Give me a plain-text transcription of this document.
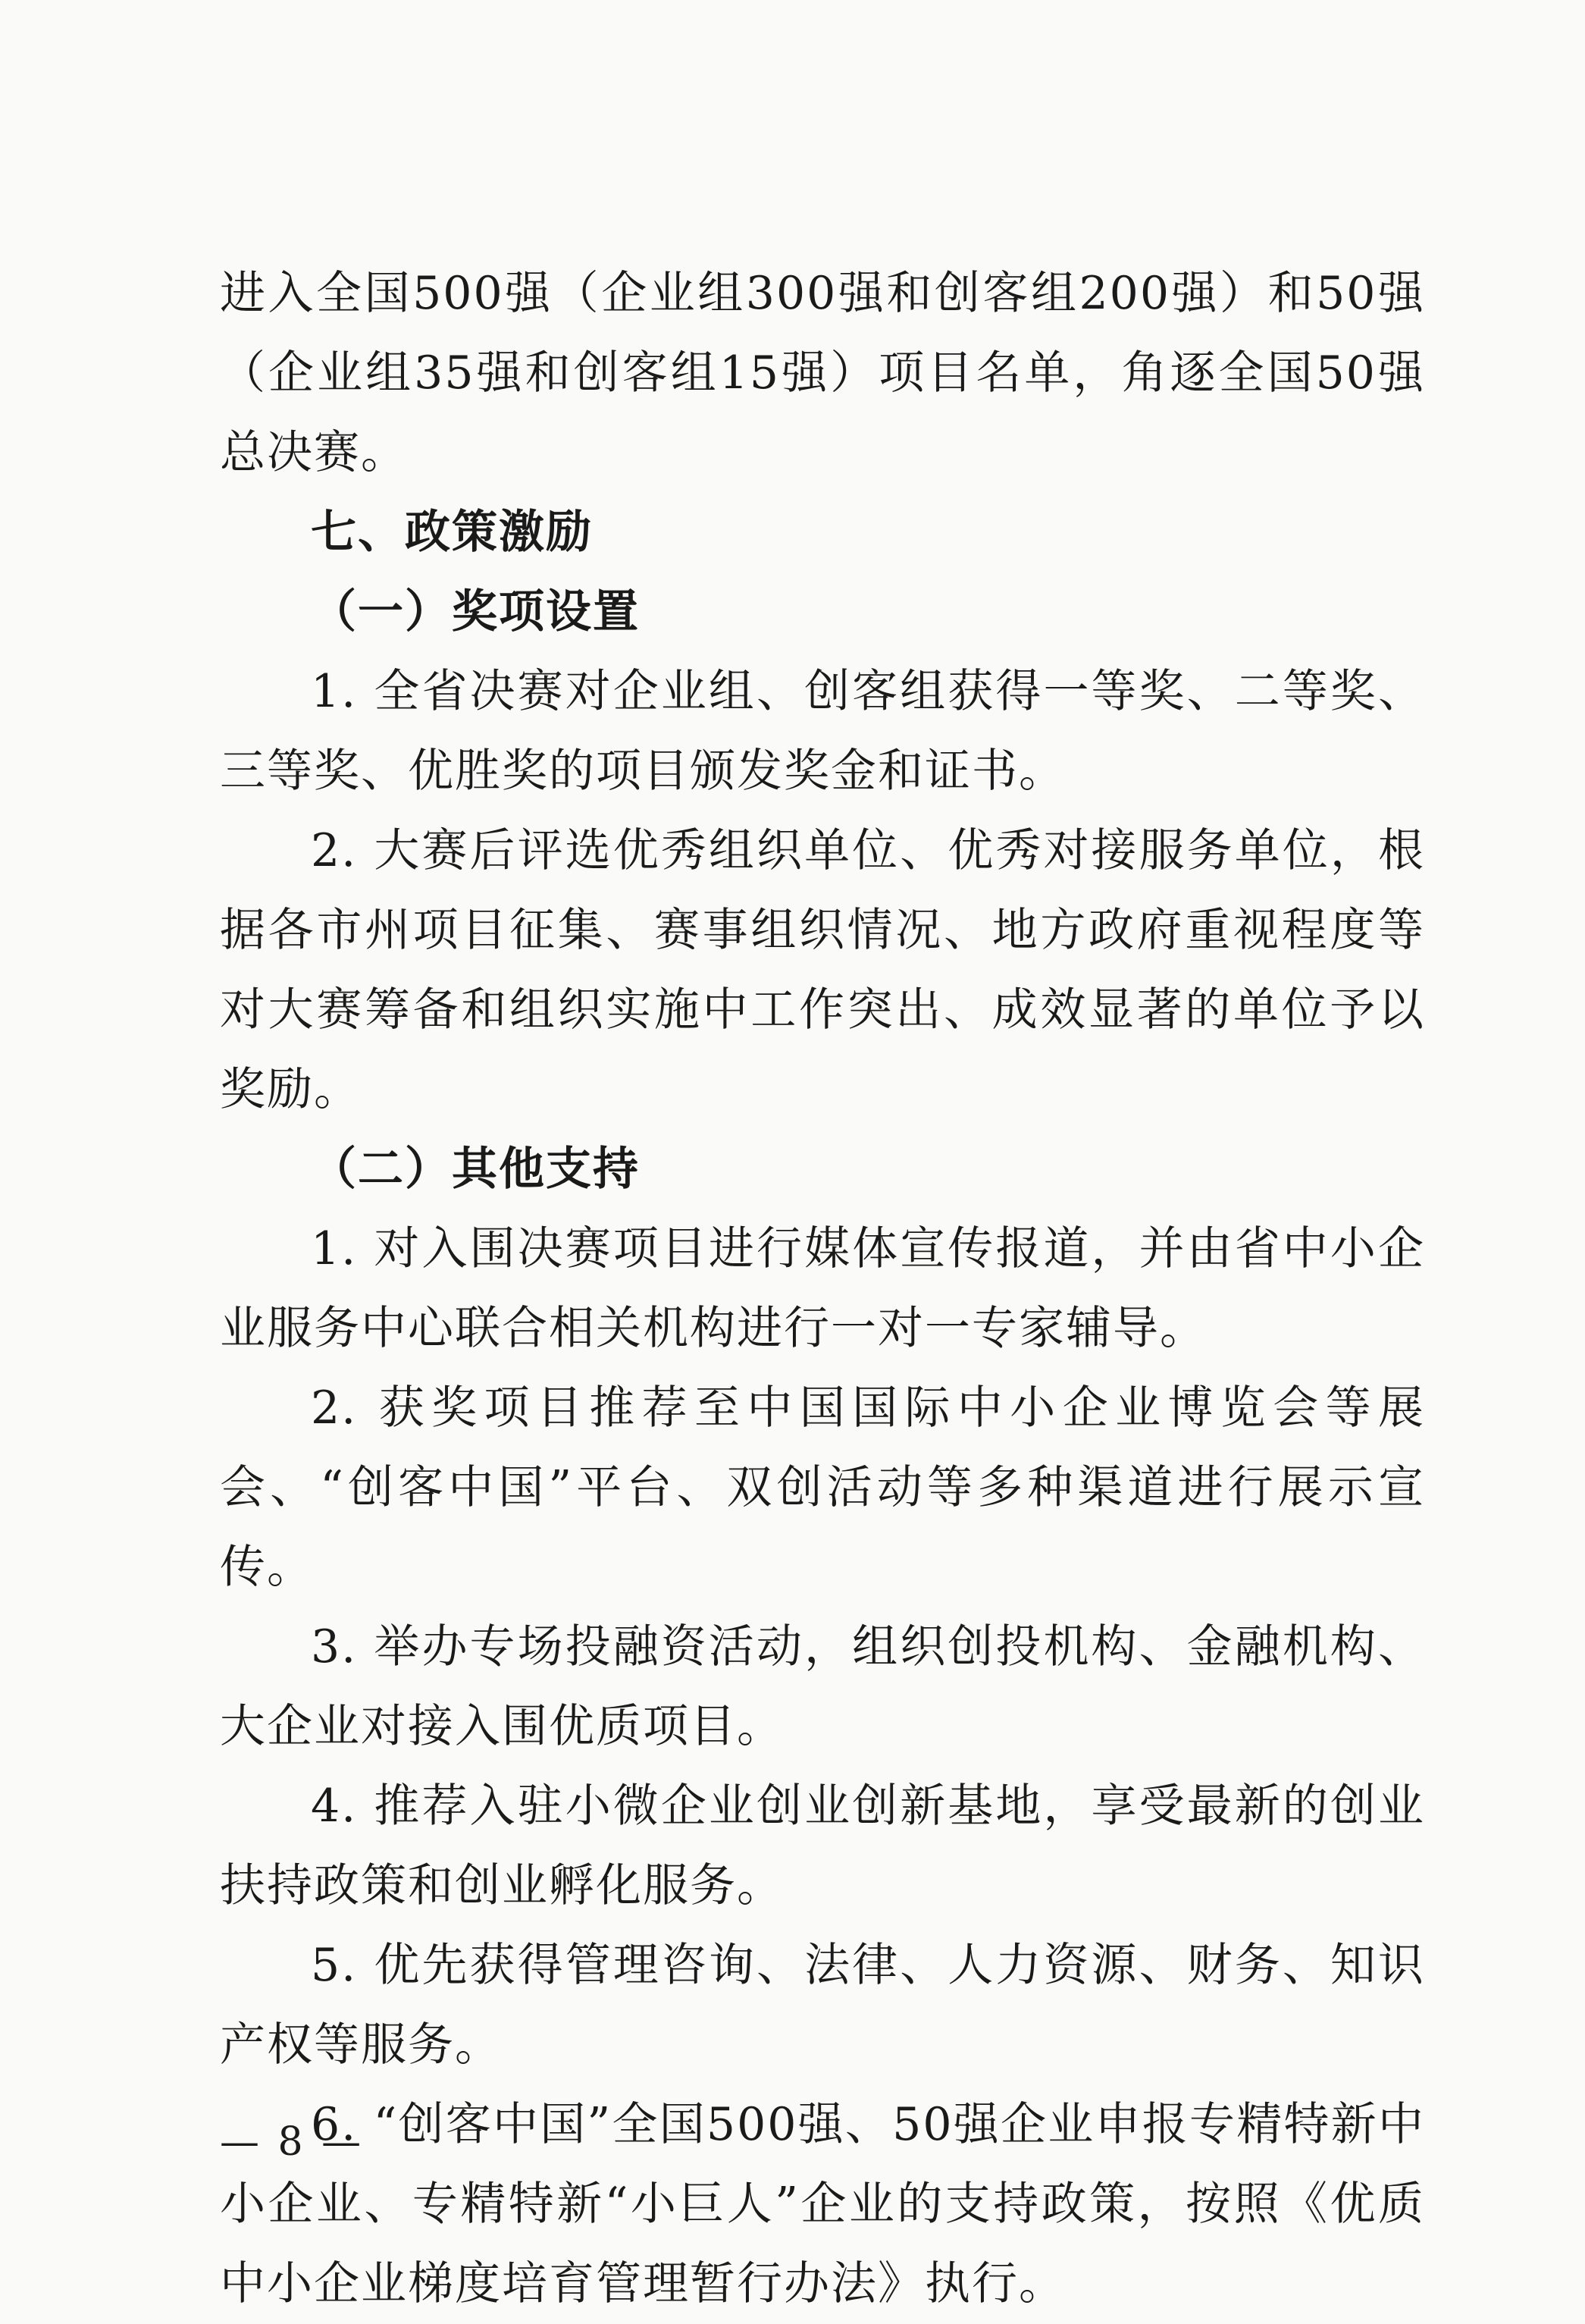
进入全国500强（企业组300强和创客组200强）和50强（企业组35强和创客组15强）项目名单，角逐全国50强总决赛。

七、政策激励

（一）奖项设置

1. 全省决赛对企业组、创客组获得一等奖、二等奖、三等奖、优胜奖的项目颁发奖金和证书。

2. 大赛后评选优秀组织单位、优秀对接服务单位，根据各市州项目征集、赛事组织情况、地方政府重视程度等对大赛筹备和组织实施中工作突出、成效显著的单位予以奖励。

（二）其他支持

1. 对入围决赛项目进行媒体宣传报道，并由省中小企业服务中心联合相关机构进行一对一专家辅导。

2. 获奖项目推荐至中国国际中小企业博览会等展会、“创客中国”平台、双创活动等多种渠道进行展示宣传。

3. 举办专场投融资活动，组织创投机构、金融机构、大企业对接入围优质项目。

4. 推荐入驻小微企业创业创新基地，享受最新的创业扶持政策和创业孵化服务。

5. 优先获得管理咨询、法律、人力资源、财务、知识产权等服务。

6. “创客中国”全国500强、50强企业申报专精特新中小企业、专精特新“小巨人”企业的支持政策，按照《优质中小企业梯度培育管理暂行办法》执行。

— 8 —
